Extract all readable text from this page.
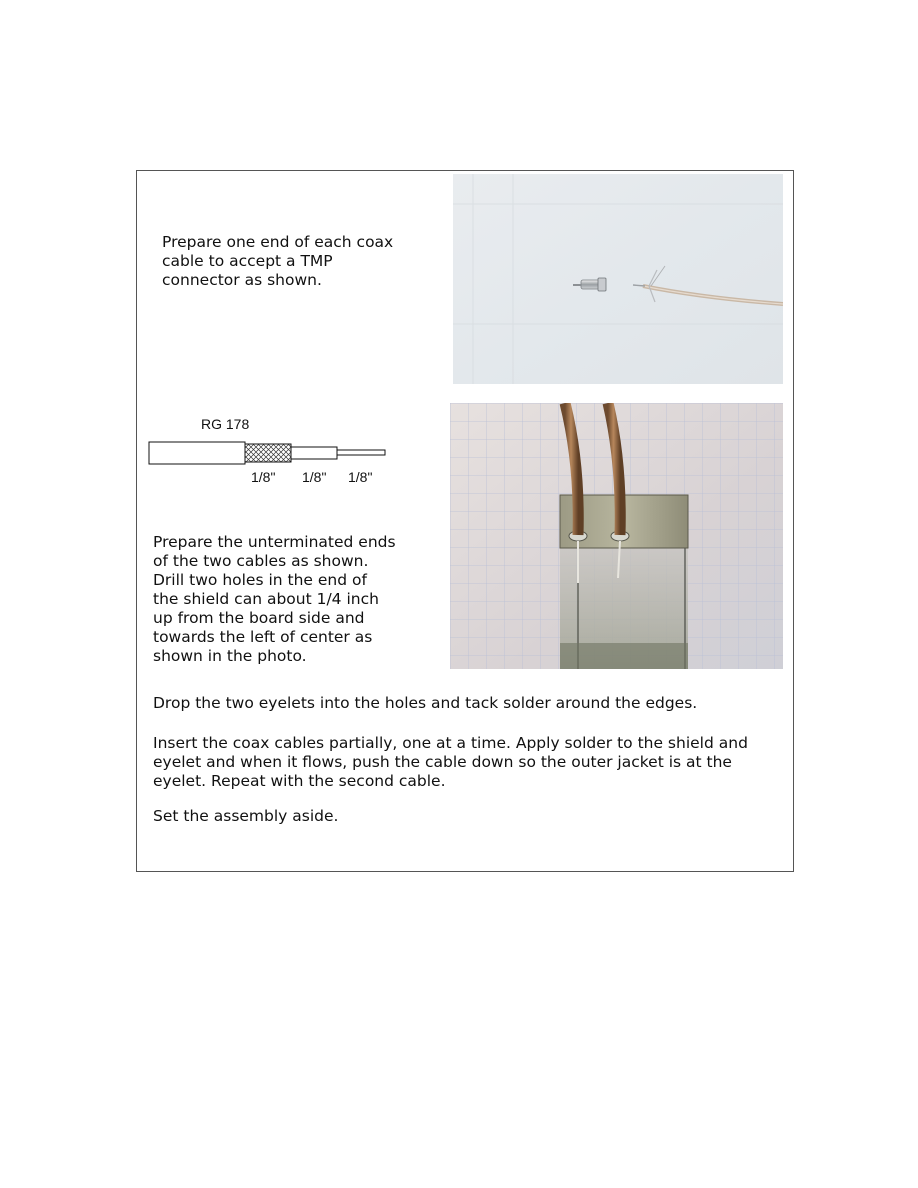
Prepare one end of each coax
cable to accept a TMP
connector as shown.

RG 178
1/8" 1/8" 1/8"

Prepare the unterminated ends
of the two cables as shown.
Drill two holes in the end of
the shield can about 1/4 inch
up from the board side and
towards the left of center as
shown in the photo.

Drop the two eyelets into the holes and tack solder around the edges.

Insert the coax cables partially, one at a time. Apply solder to the shield and
eyelet and when it flows, push the cable down so the outer jacket is at the
eyelet. Repeat with the second cable.

Set the assembly aside.
